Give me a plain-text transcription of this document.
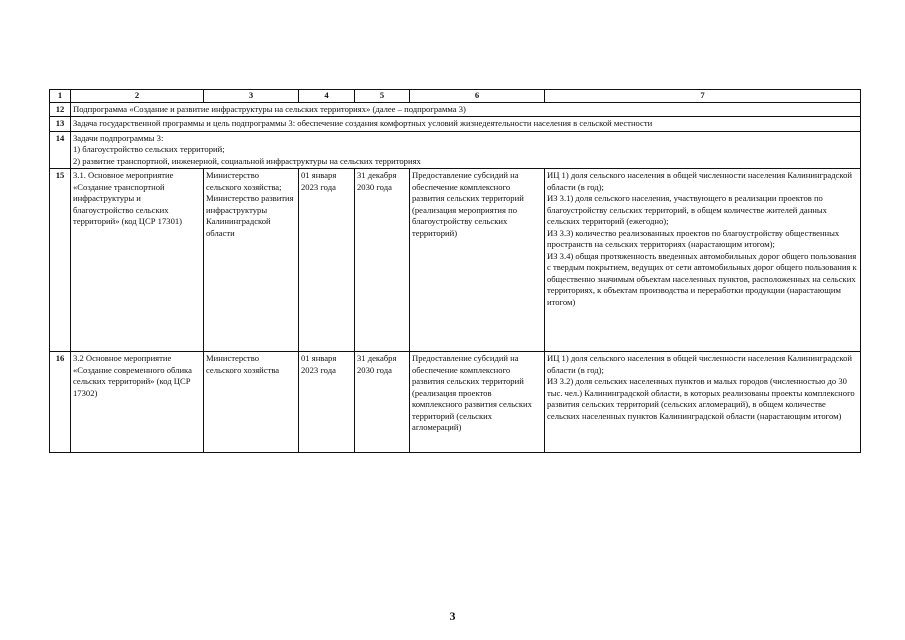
1	2	3	4	5	6	7
12	Подпрограмма «Создание и развитие инфраструктуры на сельских территориях» (далее – подпрограмма 3)					
13	Задача государственной программы и цель подпрограммы 3: обеспечение создания комфортных условий жизнедеятельности населения в сельской местности					
14	Задачи подпрограммы 3:
1) благоустройство сельских территорий;
2) развитие транспортной, инженерной, социальной инфраструктуры на сельских территориях					

15	3.1. Основное мероприятие «Создание транспортной инфраструктуры и благоустройство сельских территорий» (код ЦСР 17301)	Министерство сельского хозяйства; Министерство развития инфраструктуры Калининградской области	01 января 2023 года	31 декабря 2030 года	Предоставление субсидий на обеспечение комплексного развития сельских территорий (реализация мероприятия по благоустройству сельских территорий)	ИЦ 1) доля сельского населения в общей численности населения Калининградской области (в год);
ИЗ 3.1) доля сельского населения, участвующего в реализации проектов по благоустройству сельских территорий, в общем количестве жителей данных сельских территорий (ежегодно);
ИЗ 3.3) количество реализованных проектов по благоустройству общественных пространств на сельских территориях (нарастающим итогом);
ИЗ 3.4) общая протяженность введенных автомобильных дорог общего пользования с твердым покрытием, ведущих от сети автомобильных дорог общего пользования к общественно значимым объектам населенных пунктов, расположенных на сельских территориях, к объектам производства и переработки продукции (нарастающим итогом)

16	3.2 Основное мероприятие «Создание современного облика сельских территорий» (код ЦСР 17302)	Министерство сельского хозяйства	01 января 2023 года	31 декабря 2030 года	Предоставление субсидий на обеспечение комплексного развития сельских территорий (реализация проектов комплексного развития сельских территорий (сельских агломераций)	ИЦ 1) доля сельского населения в общей численности населения Калининградской области (в год);
ИЗ 3.2) доля сельских населенных пунктов и малых городов (численностью до 30 тыс. чел.) Калининградской области, в которых реализованы проекты комплексного развития сельских территорий (сельских агломераций), в общем количестве сельских населенных пунктов Калининградской области (нарастающим итогом)
3
